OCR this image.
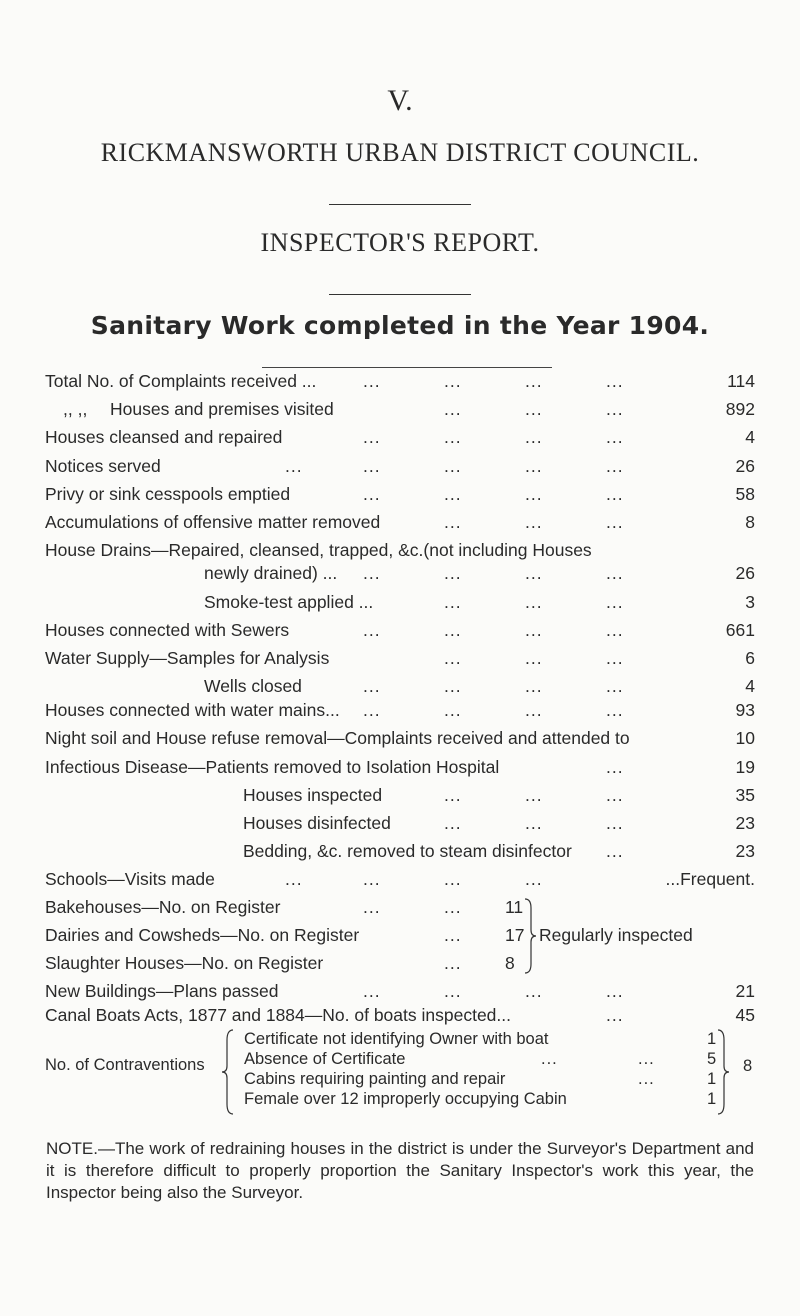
V.
RICKMANSWORTH URBAN DISTRICT COUNCIL.
INSPECTOR'S REPORT.
Sanitary Work completed in the Year 1904.
Total No. of Complaints received ...	...	...	...	...	114
,, ,, Houses and premises visited	...	...	...	892
Houses cleansed and repaired	...	...	...	...	4
Notices served	...	...	...	...	...	26
Privy or sink cesspools emptied	...	...	...	...	58
Accumulations of offensive matter removed	...	...	...	8
House Drains—Repaired, cleansed, trapped, &c.(not including Houses
newly drained) ... ...	...	...	...	26
Smoke-test applied ...	...	...	...	3
Houses connected with Sewers	...	...	...	...	661
Water Supply—Samples for Analysis	...	...	...	6
Wells closed	...	...	...	...	4
Houses connected with water mains... ...	...	...	...	93
Night soil and House refuse removal—Complaints received and attended to	10
Infectious Disease—Patients removed to Isolation Hospital	...	19
Houses inspected	...	...	...	35
Houses disinfected	...	...	...	23
Bedding, &c. removed to steam disinfector ...	23
Schools—Visits made	...	...	...	...	...Frequent.
Bakehouses—No. on Register	...	... 11
Dairies and Cowsheds—No. on Register	... 17
Slaughter Houses—No. on Register	... 8
Regularly inspected
New Buildings—Plans passed	...	...	...	...	21
Canal Boats Acts, 1877 and 1884—No. of boats inspected...	...	45
No. of Contraventions
Certificate not identifying Owner with boat	1
Absence of Certificate	...	...	5
Cabins requiring painting and repair	...	1
Female over 12 improperly occupying Cabin	1
8
NOTE.—The work of redraining houses in the district is under the Surveyor's Department and it is therefore difficult to properly proportion the Sanitary Inspector's work this year, the Inspector being also the Surveyor.
